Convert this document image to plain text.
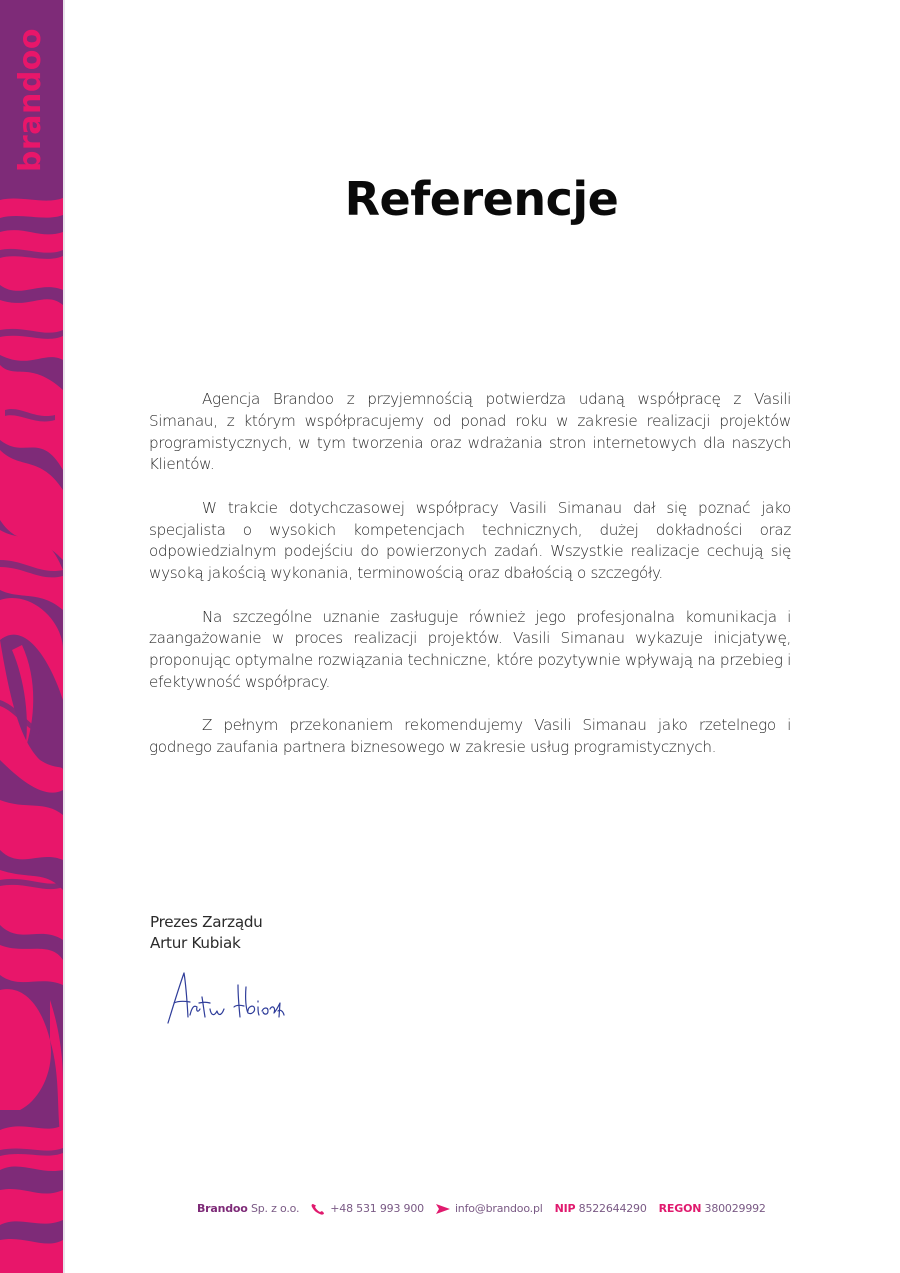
brandoo
Referencje

Agencja Brandoo z przyjemnością potwierdza udaną współpracę z Vasili Simanau, z którym współpracujemy od ponad roku w zakresie realizacji projektów programistycznych, w tym tworzenia oraz wdrażania stron internetowych dla naszych Klientów.

W trakcie dotychczasowej współpracy Vasili Simanau dał się poznać jako specjalista o wysokich kompetencjach technicznych, dużej dokładności oraz odpowiedzialnym podejściu do powierzonych zadań. Wszystkie realizacje cechują się wysoką jakością wykonania, terminowością oraz dbałością o szczegóły.

Na szczególne uznanie zasługuje również jego profesjonalna komunikacja i zaangażowanie w proces realizacji projektów. Vasili Simanau wykazuje inicjatywę, proponując optymalne rozwiązania techniczne, które pozytywnie wpływają na przebieg i efektywność współpracy.

Z pełnym przekonaniem rekomendujemy Vasili Simanau jako rzetelnego i godnego zaufania partnera biznesowego w zakresie usług programistycznych.

Prezes Zarządu
Artur Kubiak
Brandoo
Sp. z o.o.	+48 531 993 900	info@brandoo.pl NIP
8522644290 REGON
380029992
